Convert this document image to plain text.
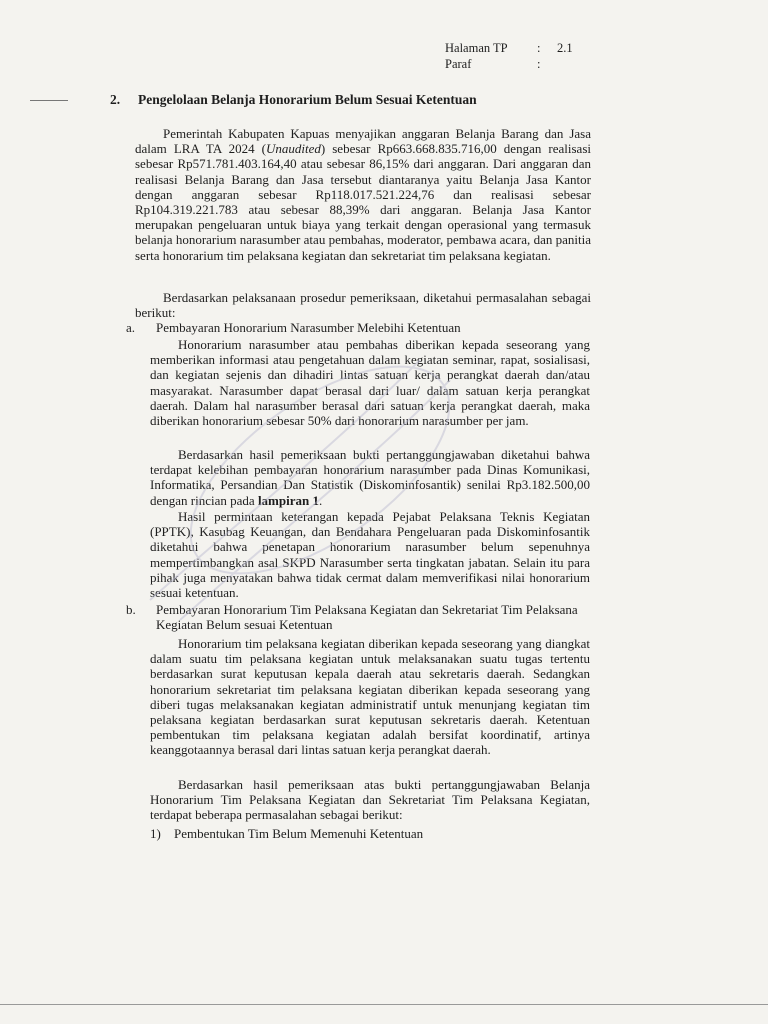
Halaman TP	:	2.1
Paraf	:
2. Pengelolaan Belanja Honorarium Belum Sesuai Ketentuan
Pemerintah Kabupaten Kapuas menyajikan anggaran Belanja Barang dan Jasa dalam LRA TA 2024 (Unaudited) sebesar Rp663.668.835.716,00 dengan realisasi sebesar Rp571.781.403.164,40 atau sebesar 86,15% dari anggaran. Dari anggaran dan realisasi Belanja Barang dan Jasa tersebut diantaranya yaitu Belanja Jasa Kantor dengan anggaran sebesar Rp118.017.521.224,76 dan realisasi sebesar Rp104.319.221.783 atau sebesar 88,39% dari anggaran. Belanja Jasa Kantor merupakan pengeluaran untuk biaya yang terkait dengan operasional yang termasuk belanja honorarium narasumber atau pembahas, moderator, pembawa acara, dan panitia serta honorarium tim pelaksana kegiatan dan sekretariat tim pelaksana kegiatan.
Berdasarkan pelaksanaan prosedur pemeriksaan, diketahui permasalahan sebagai berikut:
a. Pembayaran Honorarium Narasumber Melebihi Ketentuan
Honorarium narasumber atau pembahas diberikan kepada seseorang yang memberikan informasi atau pengetahuan dalam kegiatan seminar, rapat, sosialisasi, dan kegiatan sejenis dan dihadiri lintas satuan kerja perangkat daerah dan/atau masyarakat. Narasumber dapat berasal dari luar/ dalam satuan kerja perangkat daerah. Dalam hal narasumber berasal dari satuan kerja perangkat daerah, maka diberikan honorarium sebesar 50% dari honorarium narasumber per jam.
Berdasarkan hasil pemeriksaan bukti pertanggungjawaban diketahui bahwa terdapat kelebihan pembayaran honorarium narasumber pada Dinas Komunikasi, Informatika, Persandian Dan Statistik (Diskominfosantik) senilai Rp3.182.500,00 dengan rincian pada lampiran 1.
Hasil permintaan keterangan kepada Pejabat Pelaksana Teknis Kegiatan (PPTK), Kasubag Keuangan, dan Bendahara Pengeluaran pada Diskominfosantik diketahui bahwa penetapan honorarium narasumber belum sepenuhnya mempertimbangkan asal SKPD Narasumber serta tingkatan jabatan. Selain itu para pihak juga menyatakan bahwa tidak cermat dalam memverifikasi nilai honorarium sesuai ketentuan.
b. Pembayaran Honorarium Tim Pelaksana Kegiatan dan Sekretariat Tim Pelaksana Kegiatan Belum sesuai Ketentuan
Honorarium tim pelaksana kegiatan diberikan kepada seseorang yang diangkat dalam suatu tim pelaksana kegiatan untuk melaksanakan suatu tugas tertentu berdasarkan surat keputusan kepala daerah atau sekretaris daerah. Sedangkan honorarium sekretariat tim pelaksana kegiatan diberikan kepada seseorang yang diberi tugas melaksanakan kegiatan administratif untuk menunjang kegiatan tim pelaksana kegiatan berdasarkan surat keputusan sekretaris daerah. Ketentuan pembentukan tim pelaksana kegiatan adalah bersifat koordinatif, artinya keanggotaannya berasal dari lintas satuan kerja perangkat daerah.
Berdasarkan hasil pemeriksaan atas bukti pertanggungjawaban Belanja Honorarium Tim Pelaksana Kegiatan dan Sekretariat Tim Pelaksana Kegiatan, terdapat beberapa permasalahan sebagai berikut:
1) Pembentukan Tim Belum Memenuhi Ketentuan
